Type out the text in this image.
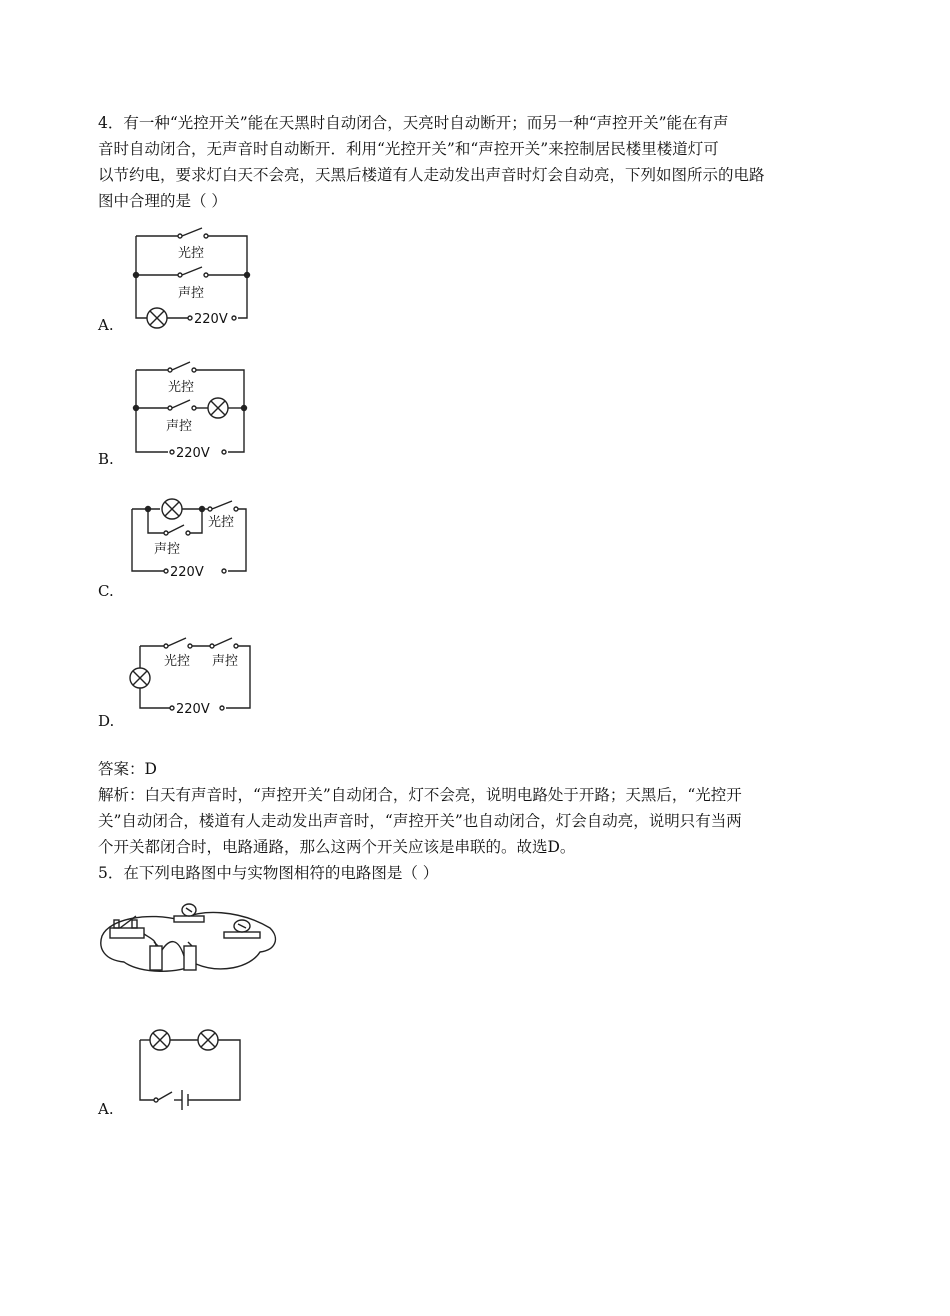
4．有一种“光控开关”能在天黑时自动闭合，天亮时自动断开；而另一种“声控开关”能在有声

音时自动闭合，无声音时自动断开．利用“光控开关”和“声控开关”来控制居民楼里楼道灯可

以节约电，要求灯白天不会亮，天黑后楼道有人走动发出声音时灯会自动亮，下列如图所示的电路

图中合理的是（ ）

光控
声控
220V
A.
光控
声控
220V
B.
光控
声控
220V
C.
光控 声控
220V
D.

答案：D

解析：白天有声音时，“声控开关”自动闭合，灯不会亮，说明电路处于开路；天黑后，“光控开

关”自动闭合，楼道有人走动发出声音时，“声控开关”也自动闭合，灯会自动亮，说明只有当两

个开关都闭合时，电路通路，那么这两个开关应该是串联的。故选D。

5．在下列电路图中与实物图相符的电路图是（ ）

A.
